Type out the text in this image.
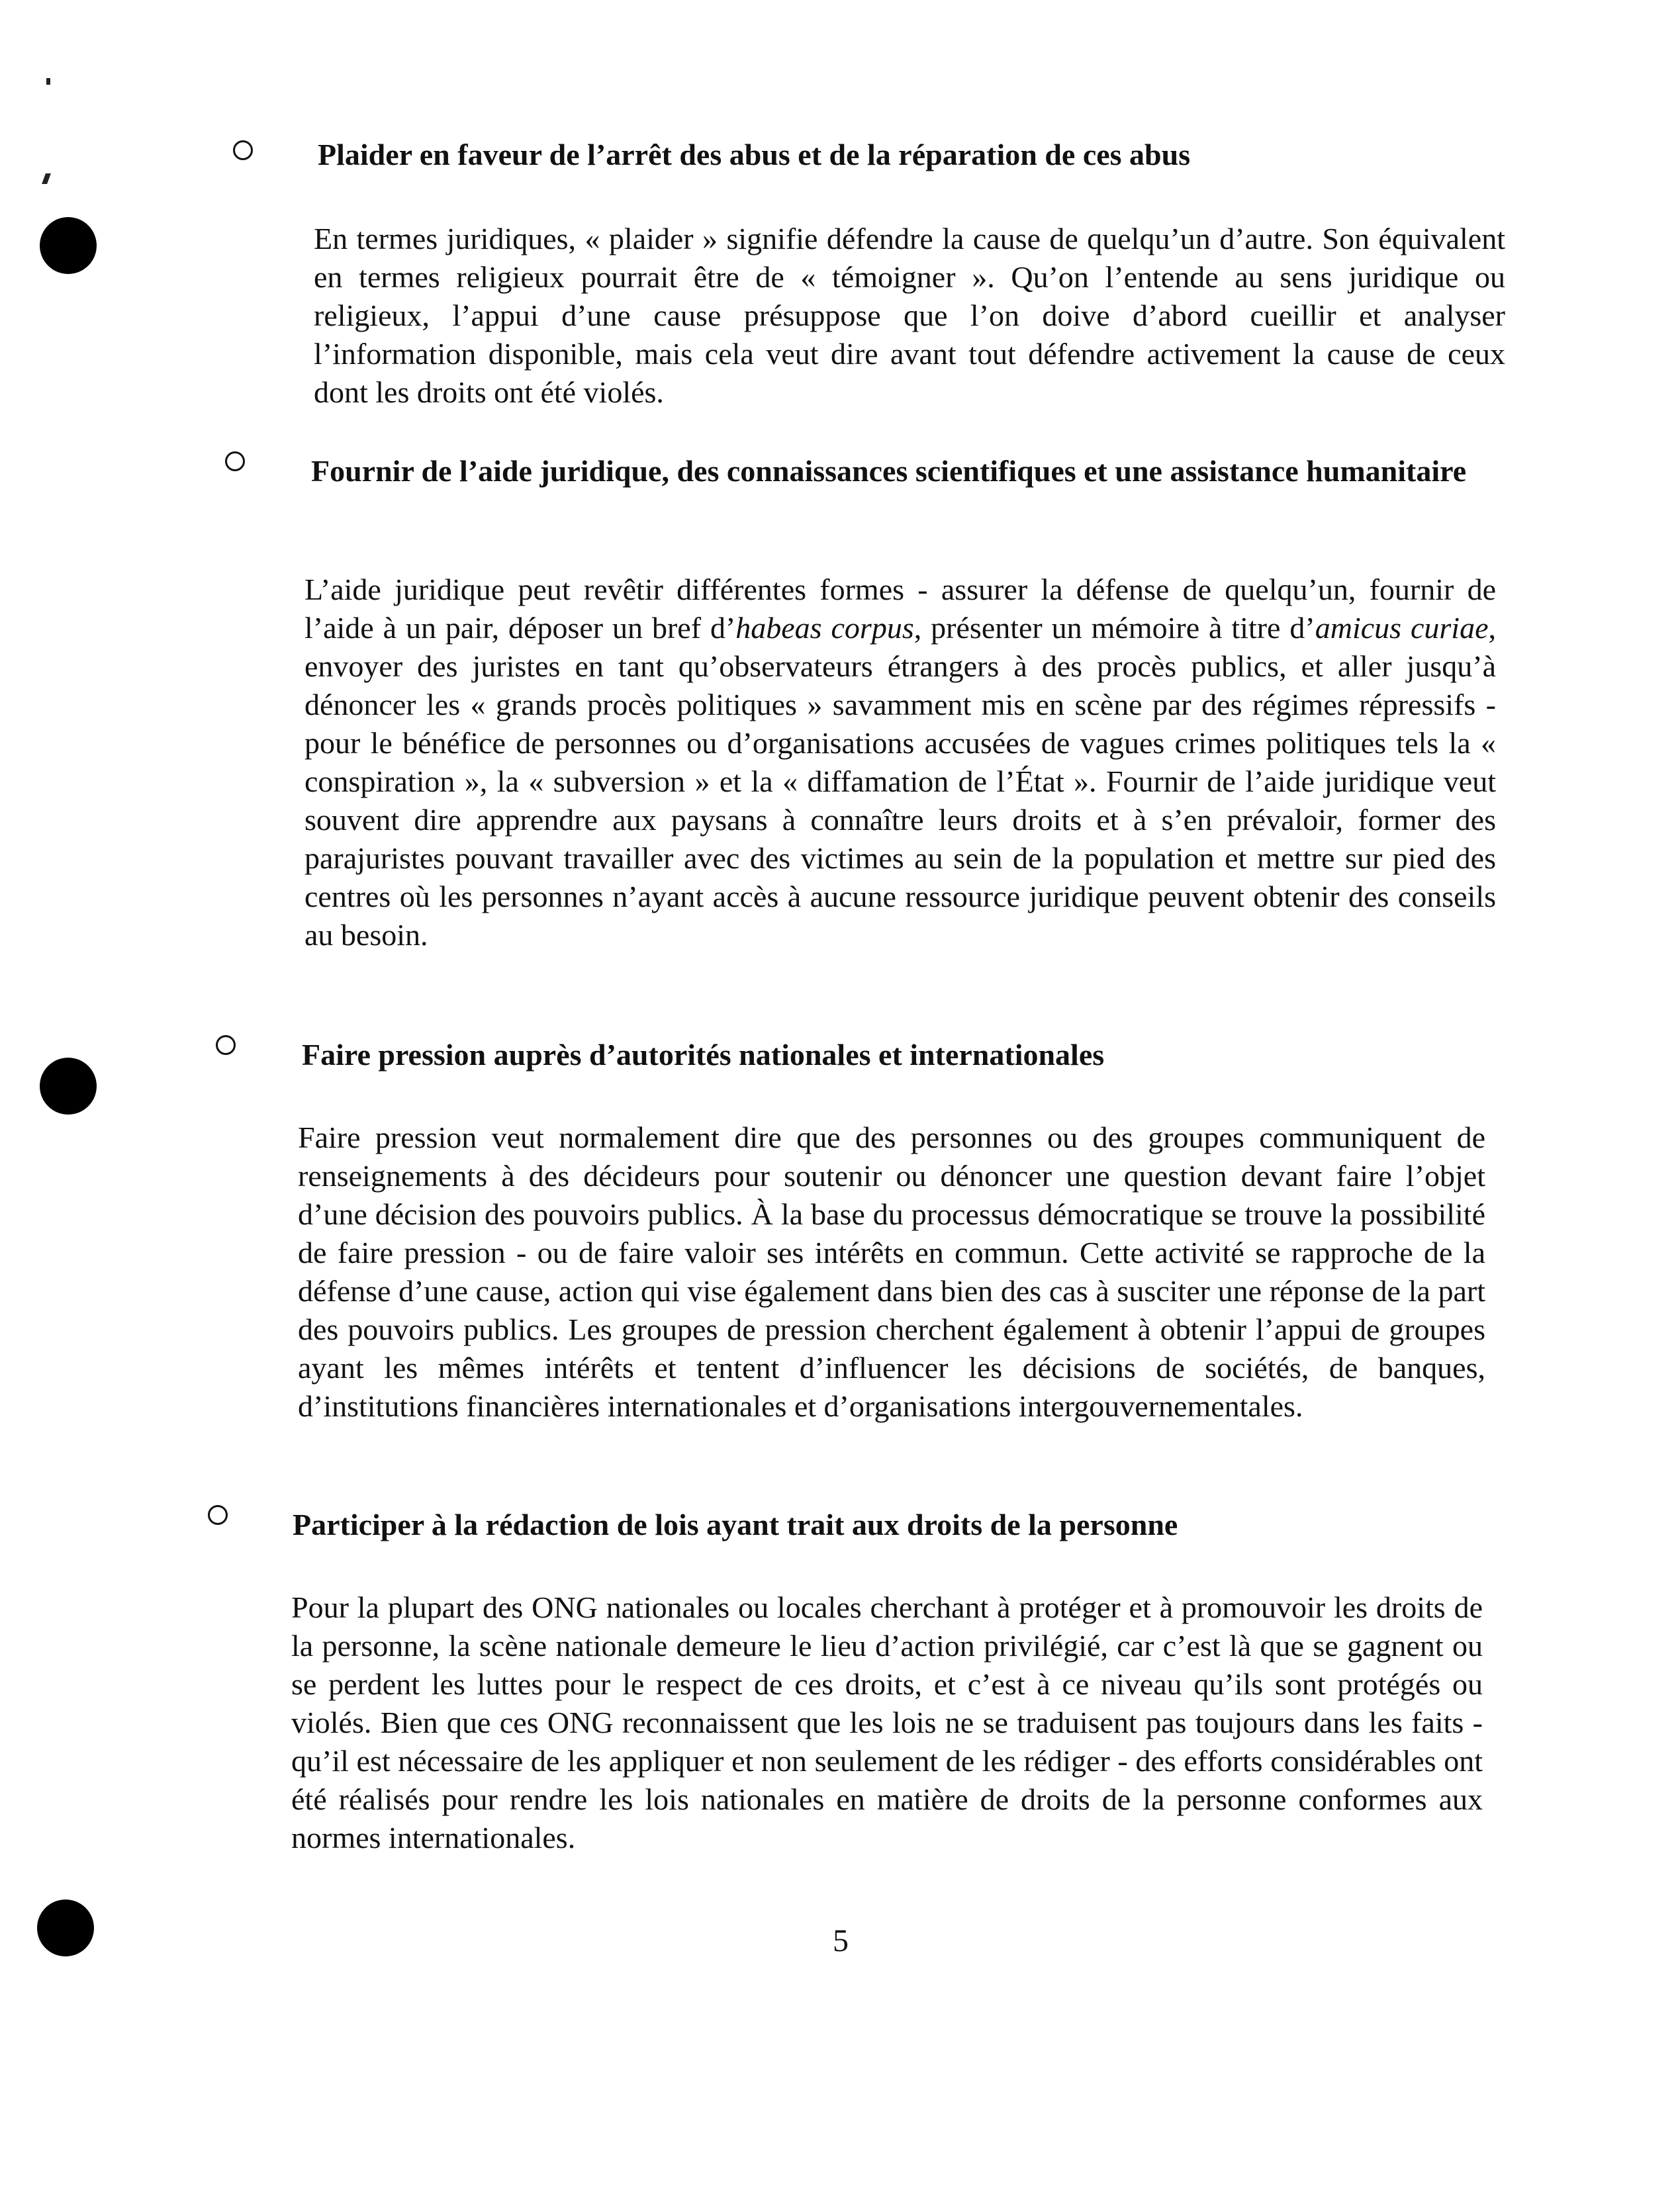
Plaider en faveur de l’arrêt des abus et de la réparation de ces abus

En termes juridiques, « plaider » signifie défendre la cause de quelqu’un d’autre. Son équivalent en termes religieux pourrait être de « témoigner ». Qu’on l’entende au sens juridique ou religieux, l’appui d’une cause présuppose que l’on doive d’abord cueillir et analyser l’information disponible, mais cela veut dire avant tout défendre activement la cause de ceux dont les droits ont été violés.

Fournir de l’aide juridique, des connaissances scientifiques et une assistance humanitaire

L’aide juridique peut revêtir différentes formes - assurer la défense de quelqu’un, fournir de l’aide à un pair, déposer un bref d’habeas corpus, présenter un mémoire à titre d’amicus curiae, envoyer des juristes en tant qu’observateurs étrangers à des procès publics, et aller jusqu’à dénoncer les « grands procès politiques » savamment mis en scène par des régimes répressifs - pour le bénéfice de personnes ou d’organisations accusées de vagues crimes politiques tels la « conspiration », la « subversion » et la « diffamation de l’État ». Fournir de l’aide juridique veut souvent dire apprendre aux paysans à connaître leurs droits et à s’en prévaloir, former des parajuristes pouvant travailler avec des victimes au sein de la population et mettre sur pied des centres où les personnes n’ayant accès à aucune ressource juridique peuvent obtenir des conseils au besoin.

Faire pression auprès d’autorités nationales et internationales

Faire pression veut normalement dire que des personnes ou des groupes communiquent de renseignements à des décideurs pour soutenir ou dénoncer une question devant faire l’objet d’une décision des pouvoirs publics. À la base du processus démocratique se trouve la possibilité de faire pression - ou de faire valoir ses intérêts en commun. Cette activité se rapproche de la défense d’une cause, action qui vise également dans bien des cas à susciter une réponse de la part des pouvoirs publics. Les groupes de pression cherchent également à obtenir l’appui de groupes ayant les mêmes intérêts et tentent d’influencer les décisions de sociétés, de banques, d’institutions financières internationales et d’organisations intergouvernementales.

Participer à la rédaction de lois ayant trait aux droits de la personne

Pour la plupart des ONG nationales ou locales cherchant à protéger et à promouvoir les droits de la personne, la scène nationale demeure le lieu d’action privilégié, car c’est là que se gagnent ou se perdent les luttes pour le respect de ces droits, et c’est à ce niveau qu’ils sont protégés ou violés. Bien que ces ONG reconnaissent que les lois ne se traduisent pas toujours dans les faits - qu’il est nécessaire de les appliquer et non seulement de les rédiger - des efforts considérables ont été réalisés pour rendre les lois nationales en matière de droits de la personne conformes aux normes internationales.

5
